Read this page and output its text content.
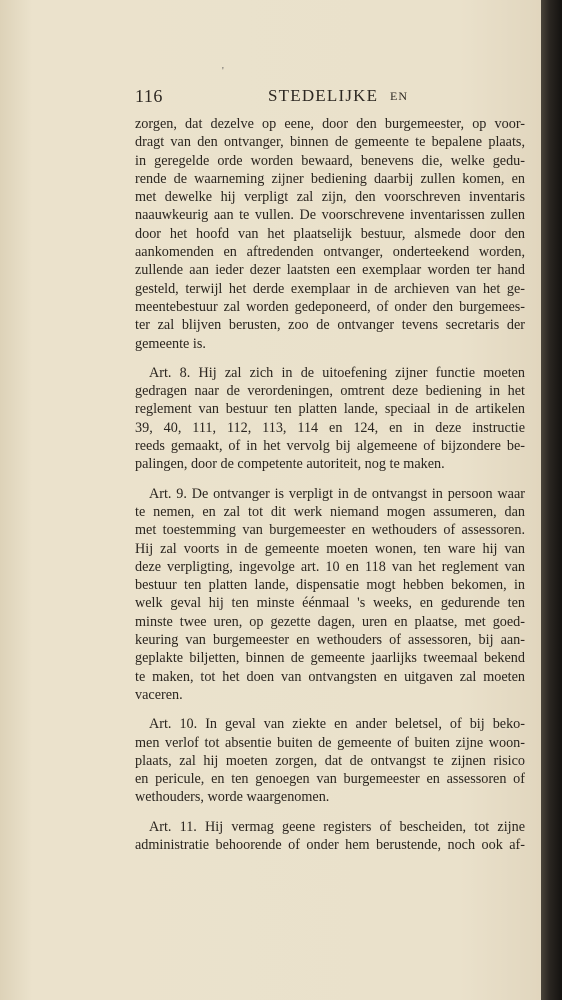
'
116	STEDELIJKE EN
zorgen, dat dezelve op eene, door den burgemeester, op voor-
dragt van den ontvanger, binnen de gemeente te bepalene plaats,
in geregelde orde worden bewaard, benevens die, welke gedu-
rende de waarneming zijner bediening daarbij zullen komen, en
met dewelke hij verpligt zal zijn, den voorschreven inventaris
naauwkeurig aan te vullen. De voorschrevene inventarissen zullen
door het hoofd van het plaatselijk bestuur, alsmede door den
aankomenden en aftredenden ontvanger, onderteekend worden,
zullende aan ieder dezer laatsten een exemplaar worden ter hand
gesteld, terwijl het derde exemplaar in de archieven van het ge-
meentebestuur zal worden gedeponeerd, of onder den burgemees-
ter zal blijven berusten, zoo de ontvanger tevens secretaris der
gemeente is.
Art. 8. Hij zal zich in de uitoefening zijner functie moeten
gedragen naar de verordeningen, omtrent deze bediening in het
reglement van bestuur ten platten lande, speciaal in de artikelen
39, 40, 111, 112, 113, 114 en 124, en in deze instructie
reeds gemaakt, of in het vervolg bij algemeene of bijzondere be-
palingen, door de competente autoriteit, nog te maken.
Art. 9. De ontvanger is verpligt in de ontvangst in persoon waar
te nemen, en zal tot dit werk niemand mogen assumeren, dan
met toestemming van burgemeester en wethouders of assessoren.
Hij zal voorts in de gemeente moeten wonen, ten ware hij van
deze verpligting, ingevolge art. 10 en 118 van het reglement van
bestuur ten platten lande, dispensatie mogt hebben bekomen, in
welk geval hij ten minste éénmaal 's weeks, en gedurende ten
minste twee uren, op gezette dagen, uren en plaatse, met goed-
keuring van burgemeester en wethouders of assessoren, bij aan-
geplakte biljetten, binnen de gemeente jaarlijks tweemaal bekend
te maken, tot het doen van ontvangsten en uitgaven zal moeten
vaceren.
Art. 10. In geval van ziekte en ander beletsel, of bij beko-
men verlof tot absentie buiten de gemeente of buiten zijne woon-
plaats, zal hij moeten zorgen, dat de ontvangst te zijnen risico
en pericule, en ten genoegen van burgemeester en assessoren of
wethouders, worde waargenomen.
Art. 11. Hij vermag geene registers of bescheiden, tot zijne
administratie behoorende of onder hem berustende, noch ook af-
